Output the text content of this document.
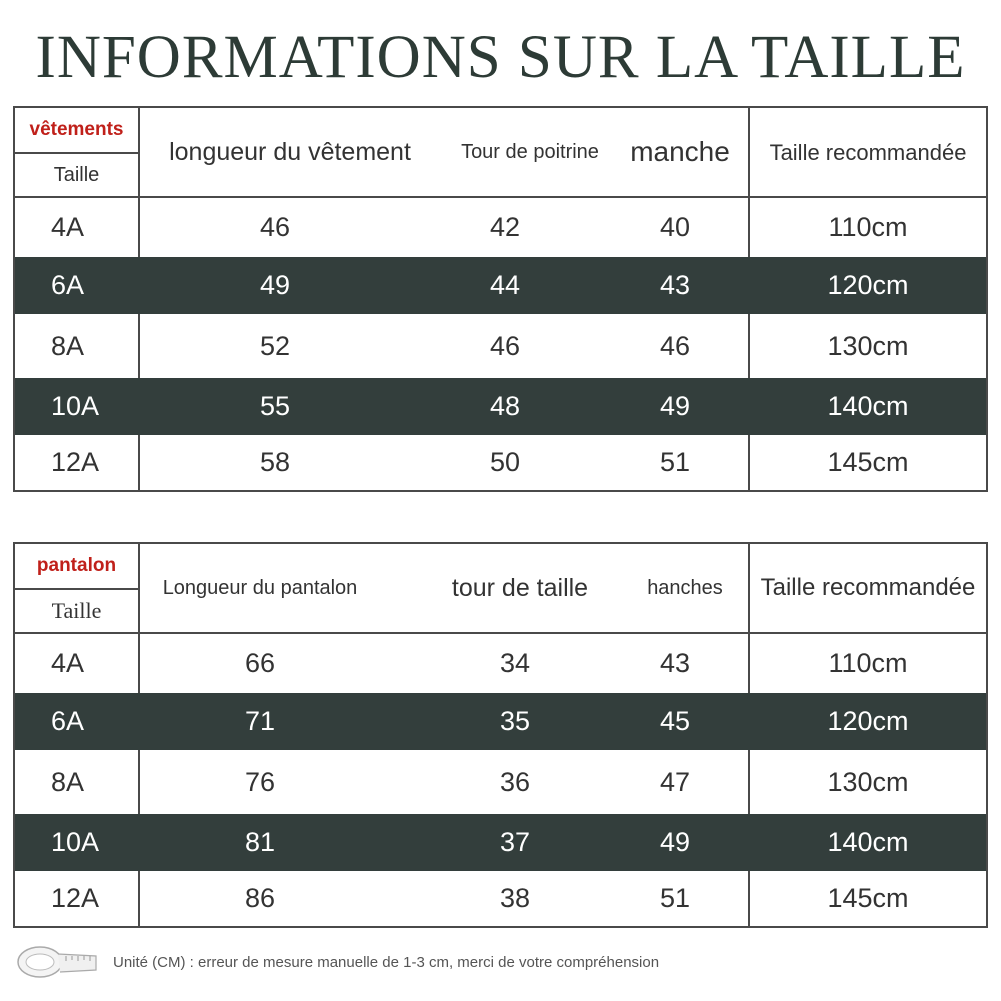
INFORMATIONS SUR LA TAILLE
vêtements
Taille
longueur du vêtement	Tour de poitrine	manche	Taille recommandée
4A	46	42	40	110cm
6A	49	44	43	120cm
8A	52	46	46	130cm
10A	55	48	49	140cm
12A	58	50	51	145cm
pantalon
Taille
Longueur du pantalon	tour de taille	hanches	Taille recommandée
4A	66	34	43	110cm
6A	71	35	45	120cm
8A	76	36	47	130cm
10A	81	37	49	140cm
12A	86	38	51	145cm
Unité (CM) : erreur de mesure manuelle de 1-3 cm, merci de votre compréhension
